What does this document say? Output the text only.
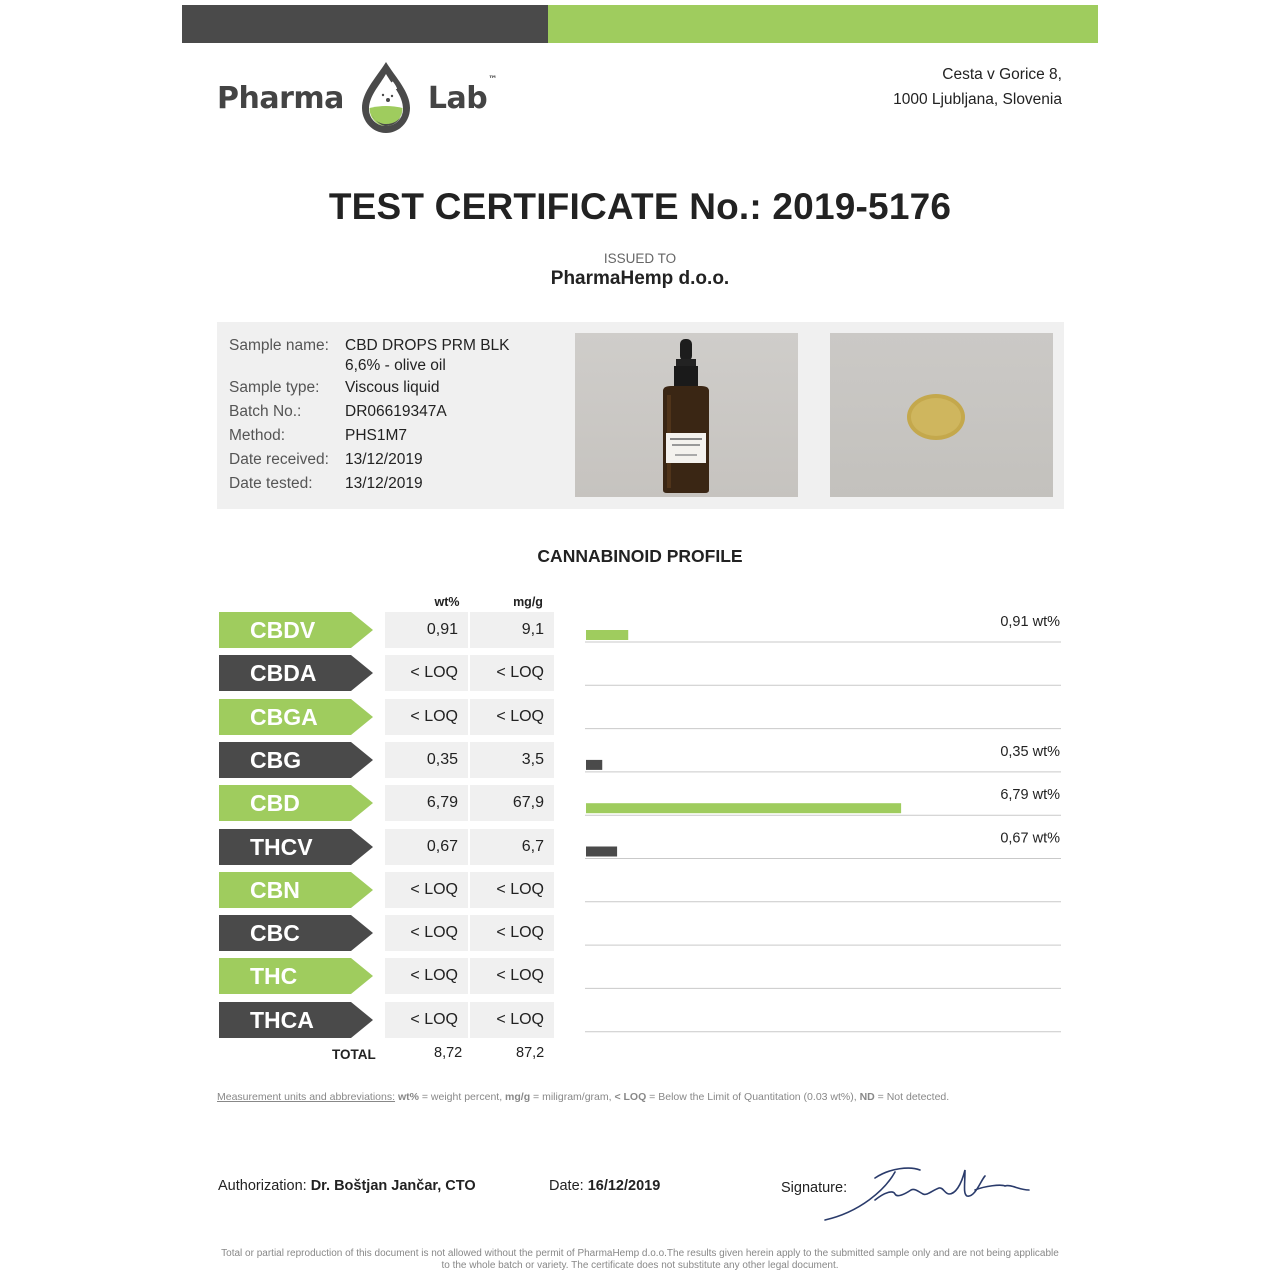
Pharma	Lab™	Cesta v Gorice 8,
1000 Ljubljana, Slovenia
TEST CERTIFICATE No.: 2019-5176
ISSUED TO
PharmaHemp d.o.o.
Sample name:	CBD DROPS PRM BLK
6,6% - olive oil
Sample type:	Viscous liquid
Batch No.:	DR06619347A
Method:	PHS1M7
Date received:	13/12/2019
Date tested:	13/12/2019
CANNABINOID PROFILE
wt%	mg/g
CBDV	0,91	9,1
CBDA	< LOQ	< LOQ
CBGA	< LOQ	< LOQ
CBG	0,35	3,5
CBD	6,79	67,9
THCV	0,67	6,7
CBN	< LOQ	< LOQ
CBC	< LOQ	< LOQ
THC	< LOQ	< LOQ
THCA	< LOQ	< LOQ
0,91 wt%
0,35 wt%
6,79 wt%
0,67 wt%
TOTAL	8,72	87,2
Measurement units and abbreviations: wt% = weight percent, mg/g = miligram/gram, < LOQ = Below the Limit of Quantitation (0.03 wt%), ND = Not detected.
Authorization: Dr. Boštjan Jančar, CTO	Date: 16/12/2019	Signature:
Total or partial reproduction of this document is not allowed without the permit of PharmaHemp d.o.o.The results given herein apply to the submitted sample only and are not being applicable
to the whole batch or variety. The certificate does not substitute any other legal document.
